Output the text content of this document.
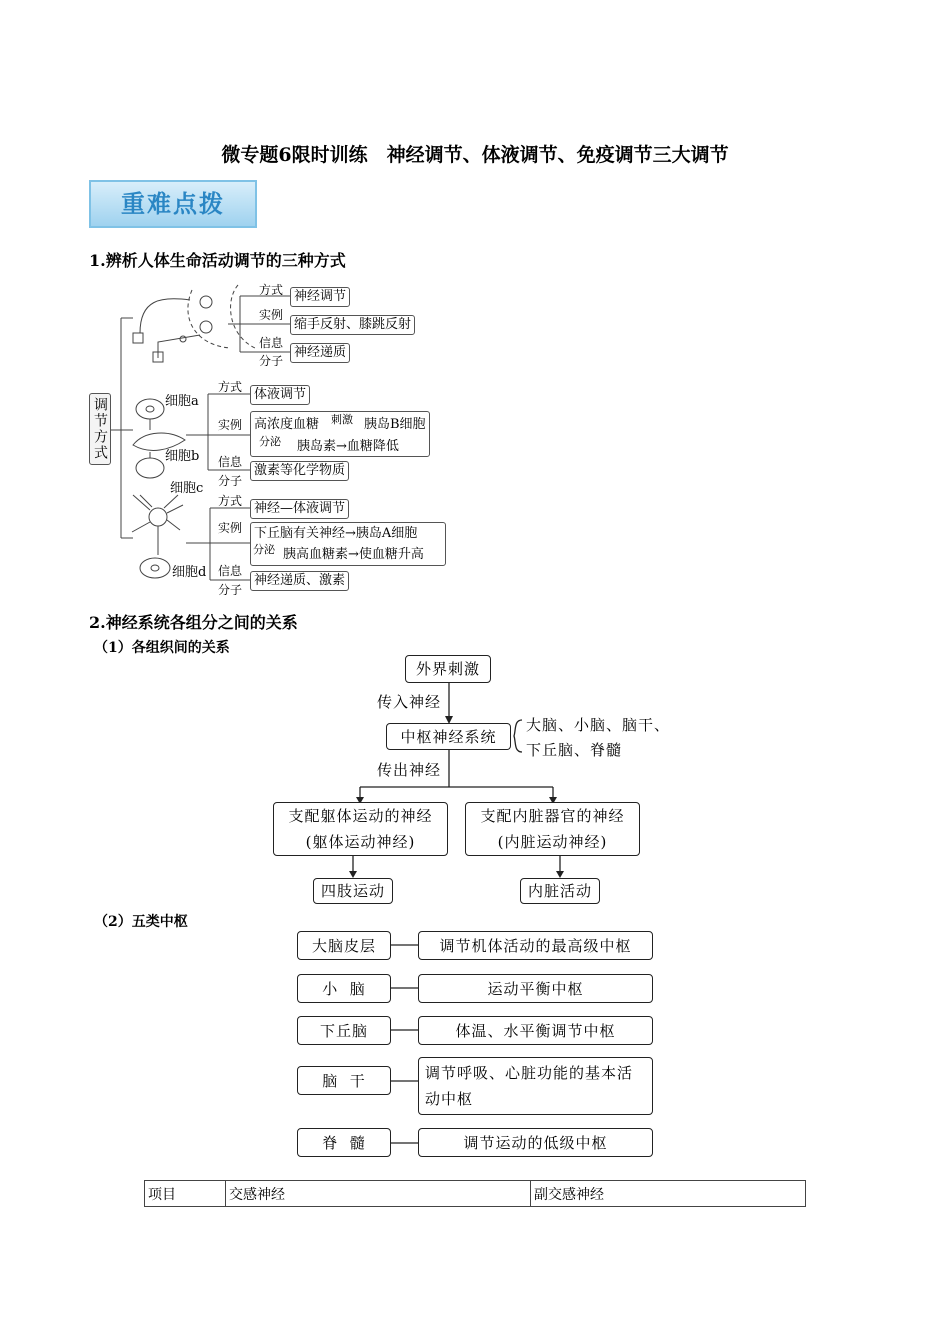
微专题6限时训练　神经调节、体液调节、免疫调节三大调节
重难点拨
1.辨析人体生命活动调节的三种方式
调节方式
方式 神经调节
实例
缩手反射、膝跳反射
信息
分子
神经递质
细胞a
细胞b
细胞c
细胞d
方式 体液调节
实例 高浓度血糖 刺激 胰岛B细胞
分泌 胰岛素→血糖降低
信息
分子
激素等化学物质
方式 神经—体液调节
实例 下丘脑有关神经→胰岛A细胞
分泌 胰高血糖素→使血糖升高
信息
分子
神经递质、激素
2.神经系统各组分之间的关系
（1）各组织间的关系
外界刺激
传入神经
中枢神经系统
大脑、小脑、脑干、
下丘脑、脊髓
传出神经
支配躯体运动的神经
(躯体运动神经)
支配内脏器官的神经
(内脏运动神经)
四肢运动	内脏活动
（2）五类中枢
大脑皮层	调节机体活动的最高级中枢
小  脑	运动平衡中枢
下丘脑	体温、水平衡调节中枢
脑  干	调节呼吸、心脏功能的基本活动中枢
脊  髓	调节运动的低级中枢
项目	交感神经	副交感神经
